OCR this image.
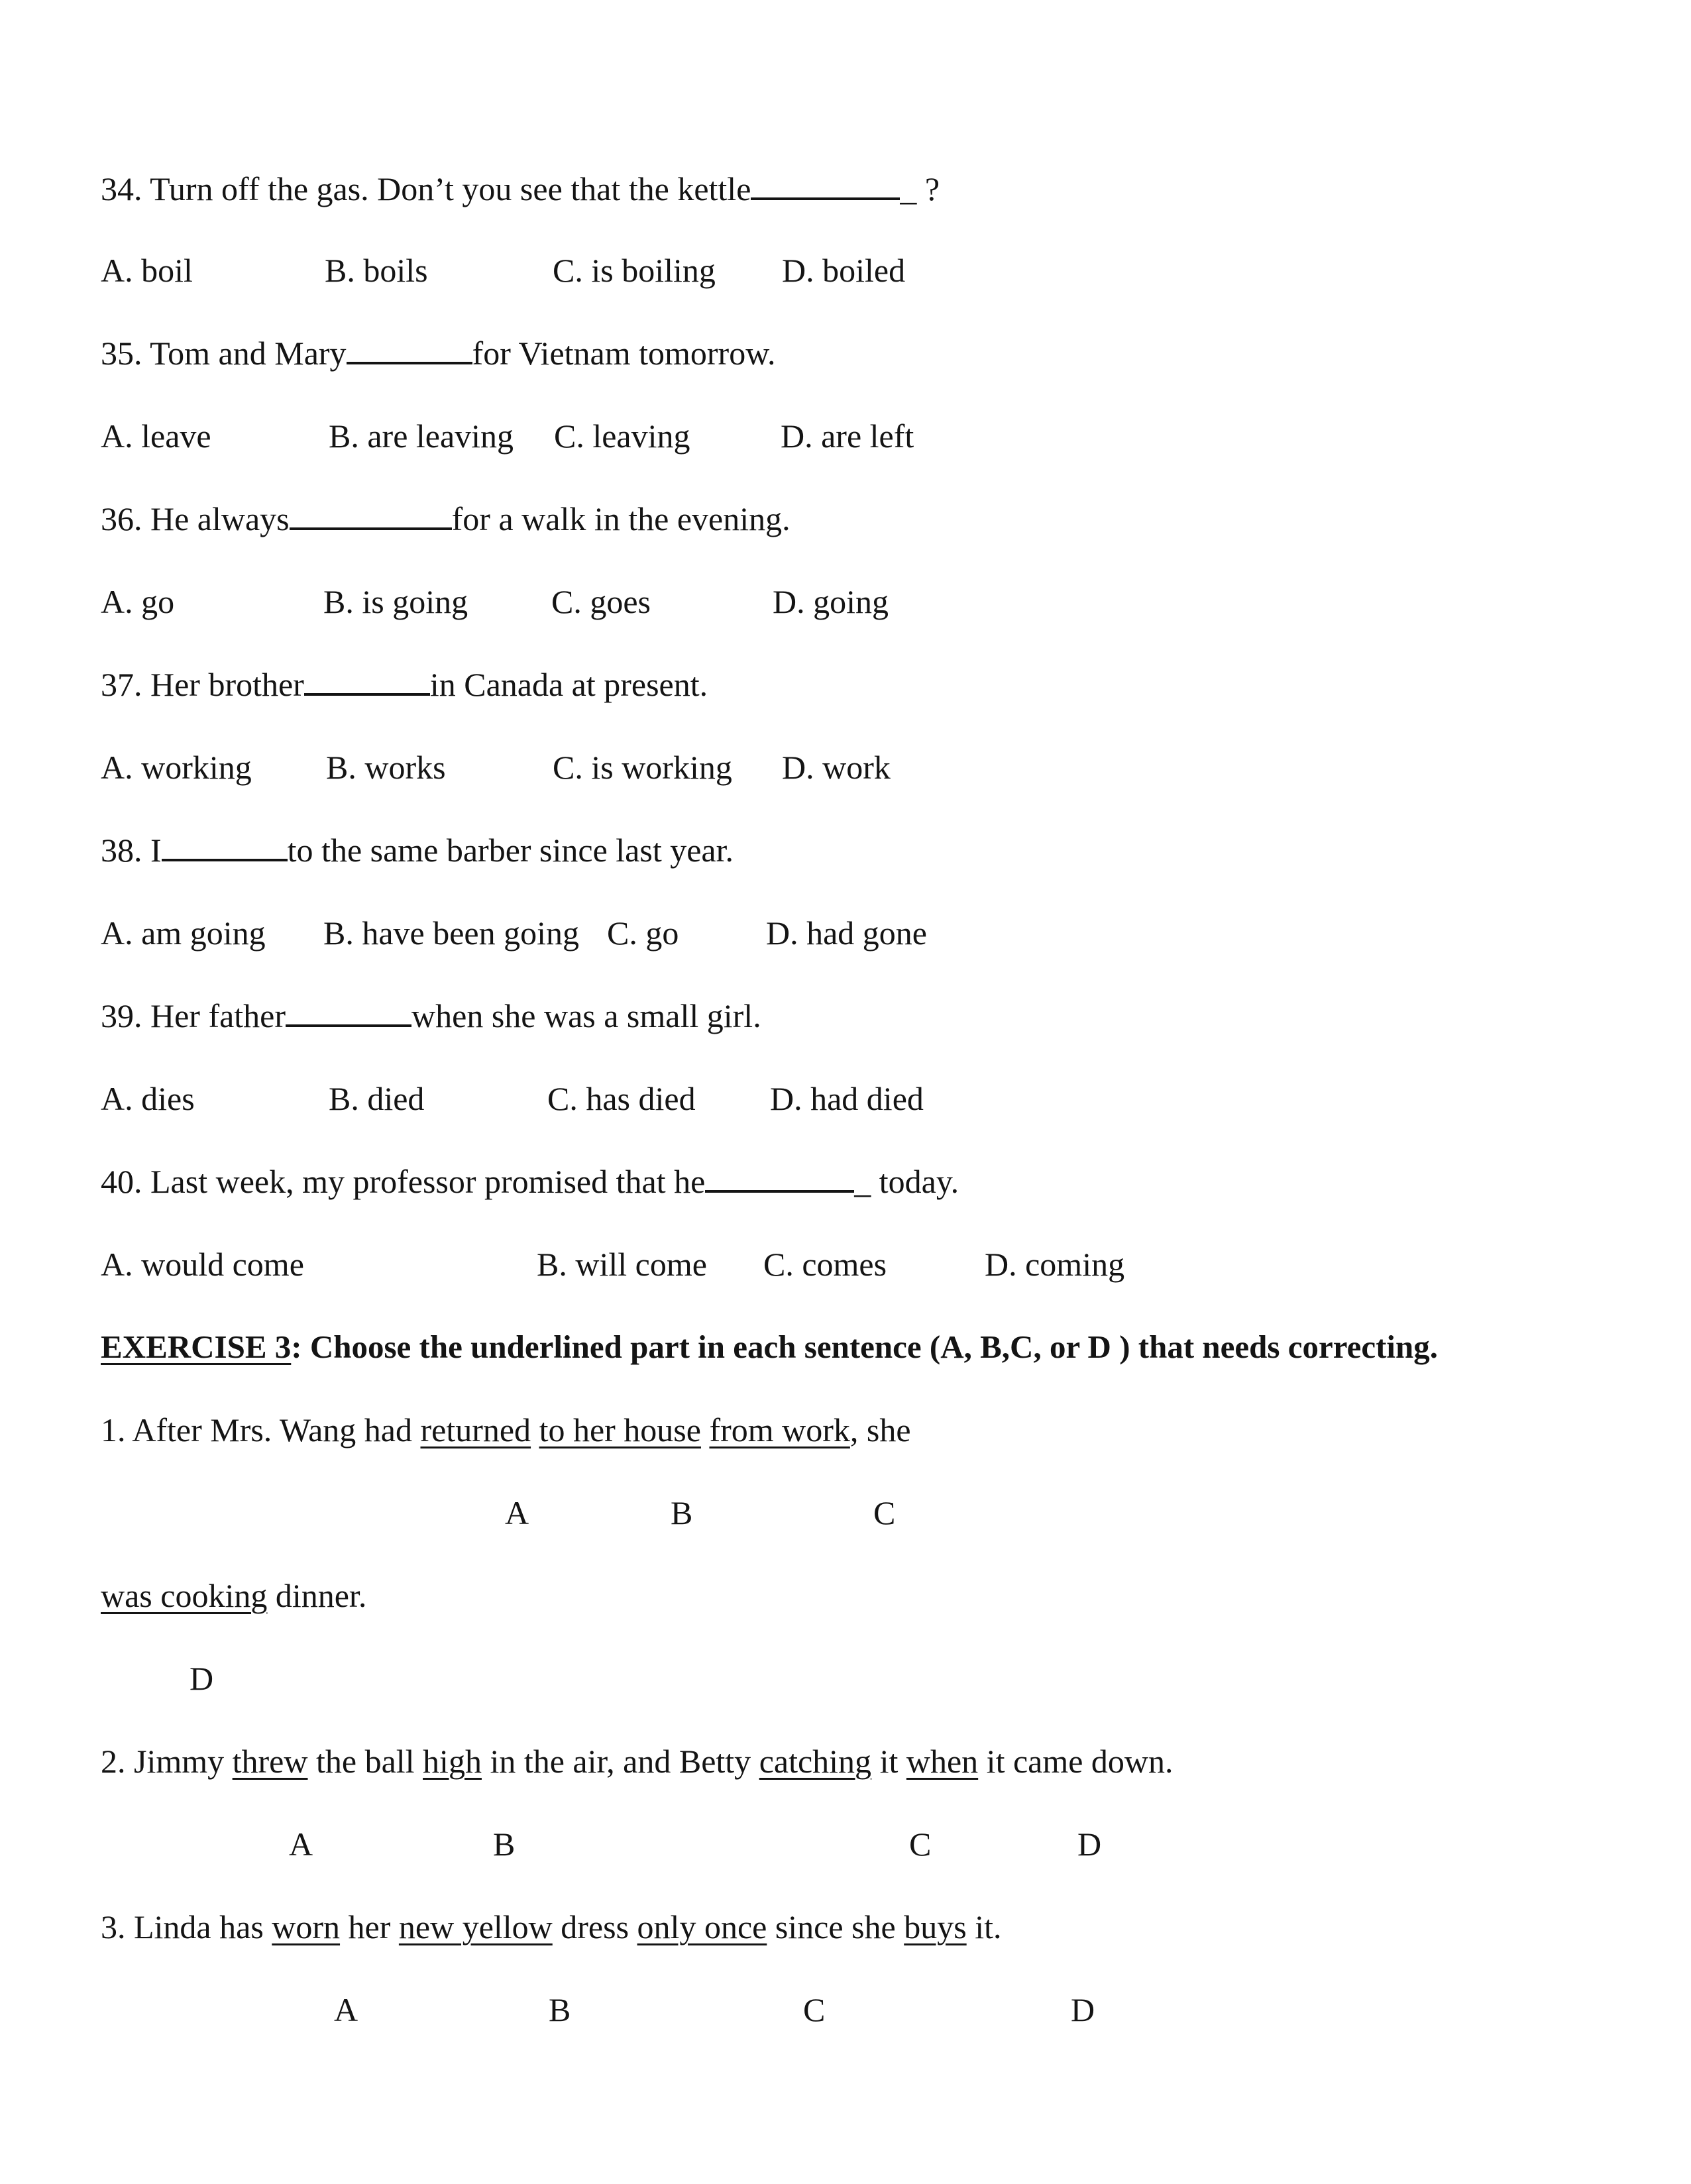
34. Turn off the gas. Don’t you see that the kettle	_ ?
A. boil	B. boils	C. is boiling D. boiled
35. Tom and Mary	for Vietnam tomorrow.
A. leave	B. are leaving C. leaving	D. are left
36. He always	for a walk in the evening.
A. go	B. is going	C. goes	D. going
37. Her brother	in Canada at present.
A. working B. works	C. is working D. work
38. I	to the same barber since last year.
A. am going B. have been going C. go	D. had gone
39. Her father	when she was a small girl.
A. dies	B. died	C. has died D. had died
40. Last week, my professor promised that he	_ today.
A. would come	B. will come C. comes	D. coming
EXERCISE 3: Choose the underlined part in each sentence (A, B,C, or D ) that needs correcting.
1. After Mrs. Wang had returned to her house from work, she
A	B	C
was cooking dinner.
D
2. Jimmy threw the ball high in the air, and Betty catching it when it came down.
A	B	C	D
3. Linda has worn her new yellow dress only once since she buys it.
A	B	C	D
